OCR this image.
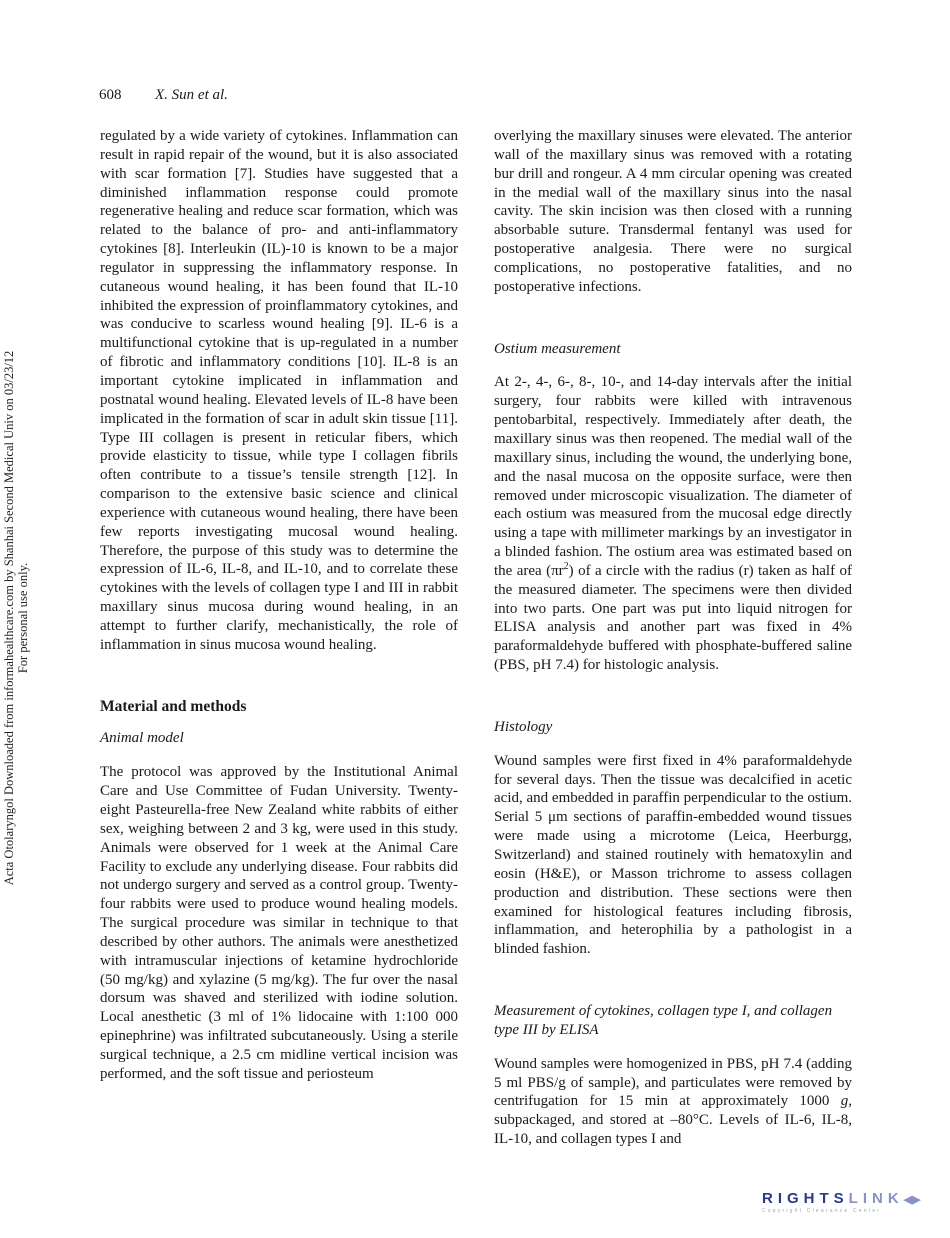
608 X. Sun et al.
Acta Otolaryngol Downloaded from informahealthcare.com by Shanhai Second Medical Univ on 03/23/12 For personal use only.

regulated by a wide variety of cytokines. Inflammation can result in rapid repair of the wound, but it is also associated with scar formation [7]. Studies have suggested that a diminished inflammation response could promote regenerative healing and reduce scar formation, which was related to the balance of pro- and anti-inflammatory cytokines [8]. Interleukin (IL)-10 is known to be a major regulator in suppressing the inflammatory response. In cutaneous wound healing, it has been found that IL-10 inhibited the expression of proinflammatory cytokines, and was conducive to scarless wound healing [9]. IL-6 is a multifunctional cytokine that is up-regulated in a number of fibrotic and inflammatory conditions [10]. IL-8 is an important cytokine implicated in inflammation and postnatal wound healing. Elevated levels of IL-8 have been implicated in the formation of scar in adult skin tissue [11]. Type III collagen is present in reticular fibers, which provide elasticity to tissue, while type I collagen fibrils often contribute to a tissue’s tensile strength [12]. In comparison to the extensive basic science and clinical experience with cutaneous wound healing, there have been few reports investigating mucosal wound healing. Therefore, the purpose of this study was to determine the expression of IL-6, IL-8, and IL-10, and to correlate these cytokines with the levels of collagen type I and III in rabbit maxillary sinus mucosa during wound healing, in an attempt to further clarify, mechanistically, the role of inflammation in sinus mucosa wound healing.

Material and methods
Animal model

The protocol was approved by the Institutional Animal Care and Use Committee of Fudan University. Twenty-eight Pasteurella-free New Zealand white rabbits of either sex, weighing between 2 and 3 kg, were used in this study. Animals were observed for 1 week at the Animal Care Facility to exclude any underlying disease. Four rabbits did not undergo surgery and served as a control group. Twenty-four rabbits were used to produce wound healing models. The surgical procedure was similar in technique to that described by other authors. The animals were anesthetized with intramuscular injections of ketamine hydrochloride (50 mg/kg) and xylazine (5 mg/kg). The fur over the nasal dorsum was shaved and sterilized with iodine solution. Local anesthetic (3 ml of 1% lidocaine with 1:100 000 epinephrine) was infiltrated subcutaneously. Using a sterile surgical technique, a 2.5 cm midline vertical incision was performed, and the soft tissue and periosteum

overlying the maxillary sinuses were elevated. The anterior wall of the maxillary sinus was removed with a rotating bur drill and rongeur. A 4 mm circular opening was created in the medial wall of the maxillary sinus into the nasal cavity. The skin incision was then closed with a running absorbable suture. Transdermal fentanyl was used for postoperative analgesia. There were no surgical complications, no postoperative fatalities, and no postoperative infections.

Ostium measurement

At 2-, 4-, 6-, 8-, 10-, and 14-day intervals after the initial surgery, four rabbits were killed with intravenous pentobarbital, respectively. Immediately after death, the maxillary sinus was then reopened. The medial wall of the maxillary sinus, including the wound, the underlying bone, and the nasal mucosa on the opposite surface, were then removed under microscopic visualization. The diameter of each ostium was measured from the mucosal edge directly using a tape with millimeter markings by an investigator in a blinded fashion. The ostium area was estimated based on the area $(\pi r^2)$ of a circle with the radius (r) taken as half of the measured diameter. The specimens were then divided into two parts. One part was put into liquid nitrogen for ELISA analysis and another part was fixed in 4% paraformaldehyde buffered with phosphate-buffered saline (PBS, pH 7.4) for histologic analysis.

Histology

Wound samples were first fixed in 4% paraformaldehyde for several days. Then the tissue was decalcified in acetic acid, and embedded in paraffin perpendicular to the ostium. Serial 5 μm sections of paraffin-embedded wound tissues were made using a microtome (Leica, Heerburgg, Switzerland) and stained routinely with hematoxylin and eosin (H&E), or Masson trichrome to assess collagen production and distribution. These sections were then examined for histological features including fibrosis, inflammation, and heterophilia by a pathologist in a blinded fashion.

Measurement of cytokines, collagen type I, and collagen type III by ELISA

Wound samples were homogenized in PBS, pH 7.4 (adding 5 ml PBS/g of sample), and particulates were removed by centrifugation for 15 min at approximately 1000 g, subpackaged, and stored at –80°C. Levels of IL-6, IL-8, IL-10, and collagen types I and

RIGHTSLINK◀▶
Copyright Clearance Center
